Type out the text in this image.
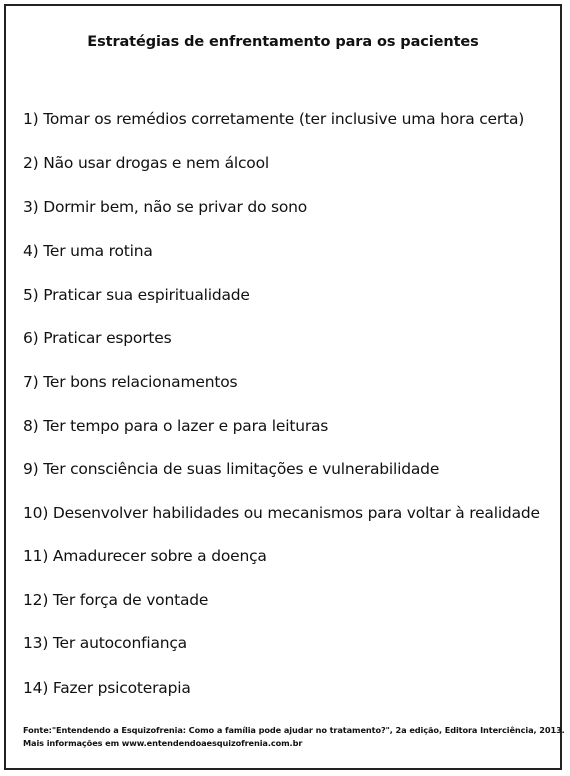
Estratégias de enfrentamento para os pacientes
1) Tomar os remédios corretamente (ter inclusive uma hora certa)
2) Não usar drogas e nem álcool
3) Dormir bem, não se privar do sono
4) Ter uma rotina
5) Praticar sua espiritualidade
6) Praticar esportes
7) Ter bons relacionamentos
8) Ter tempo para o lazer e para leituras
9) Ter consciência de suas limitações e vulnerabilidade
10) Desenvolver habilidades ou mecanismos para voltar à realidade
11) Amadurecer sobre a doença
12) Ter força de vontade
13) Ter autoconfiança
14) Fazer psicoterapia
Fonte:"Entendendo a Esquizofrenia: Como a família pode ajudar no tratamento?", 2a edição, Editora Interciência, 2013.
Mais informações em www.entendendoaesquizofrenia.com.br
